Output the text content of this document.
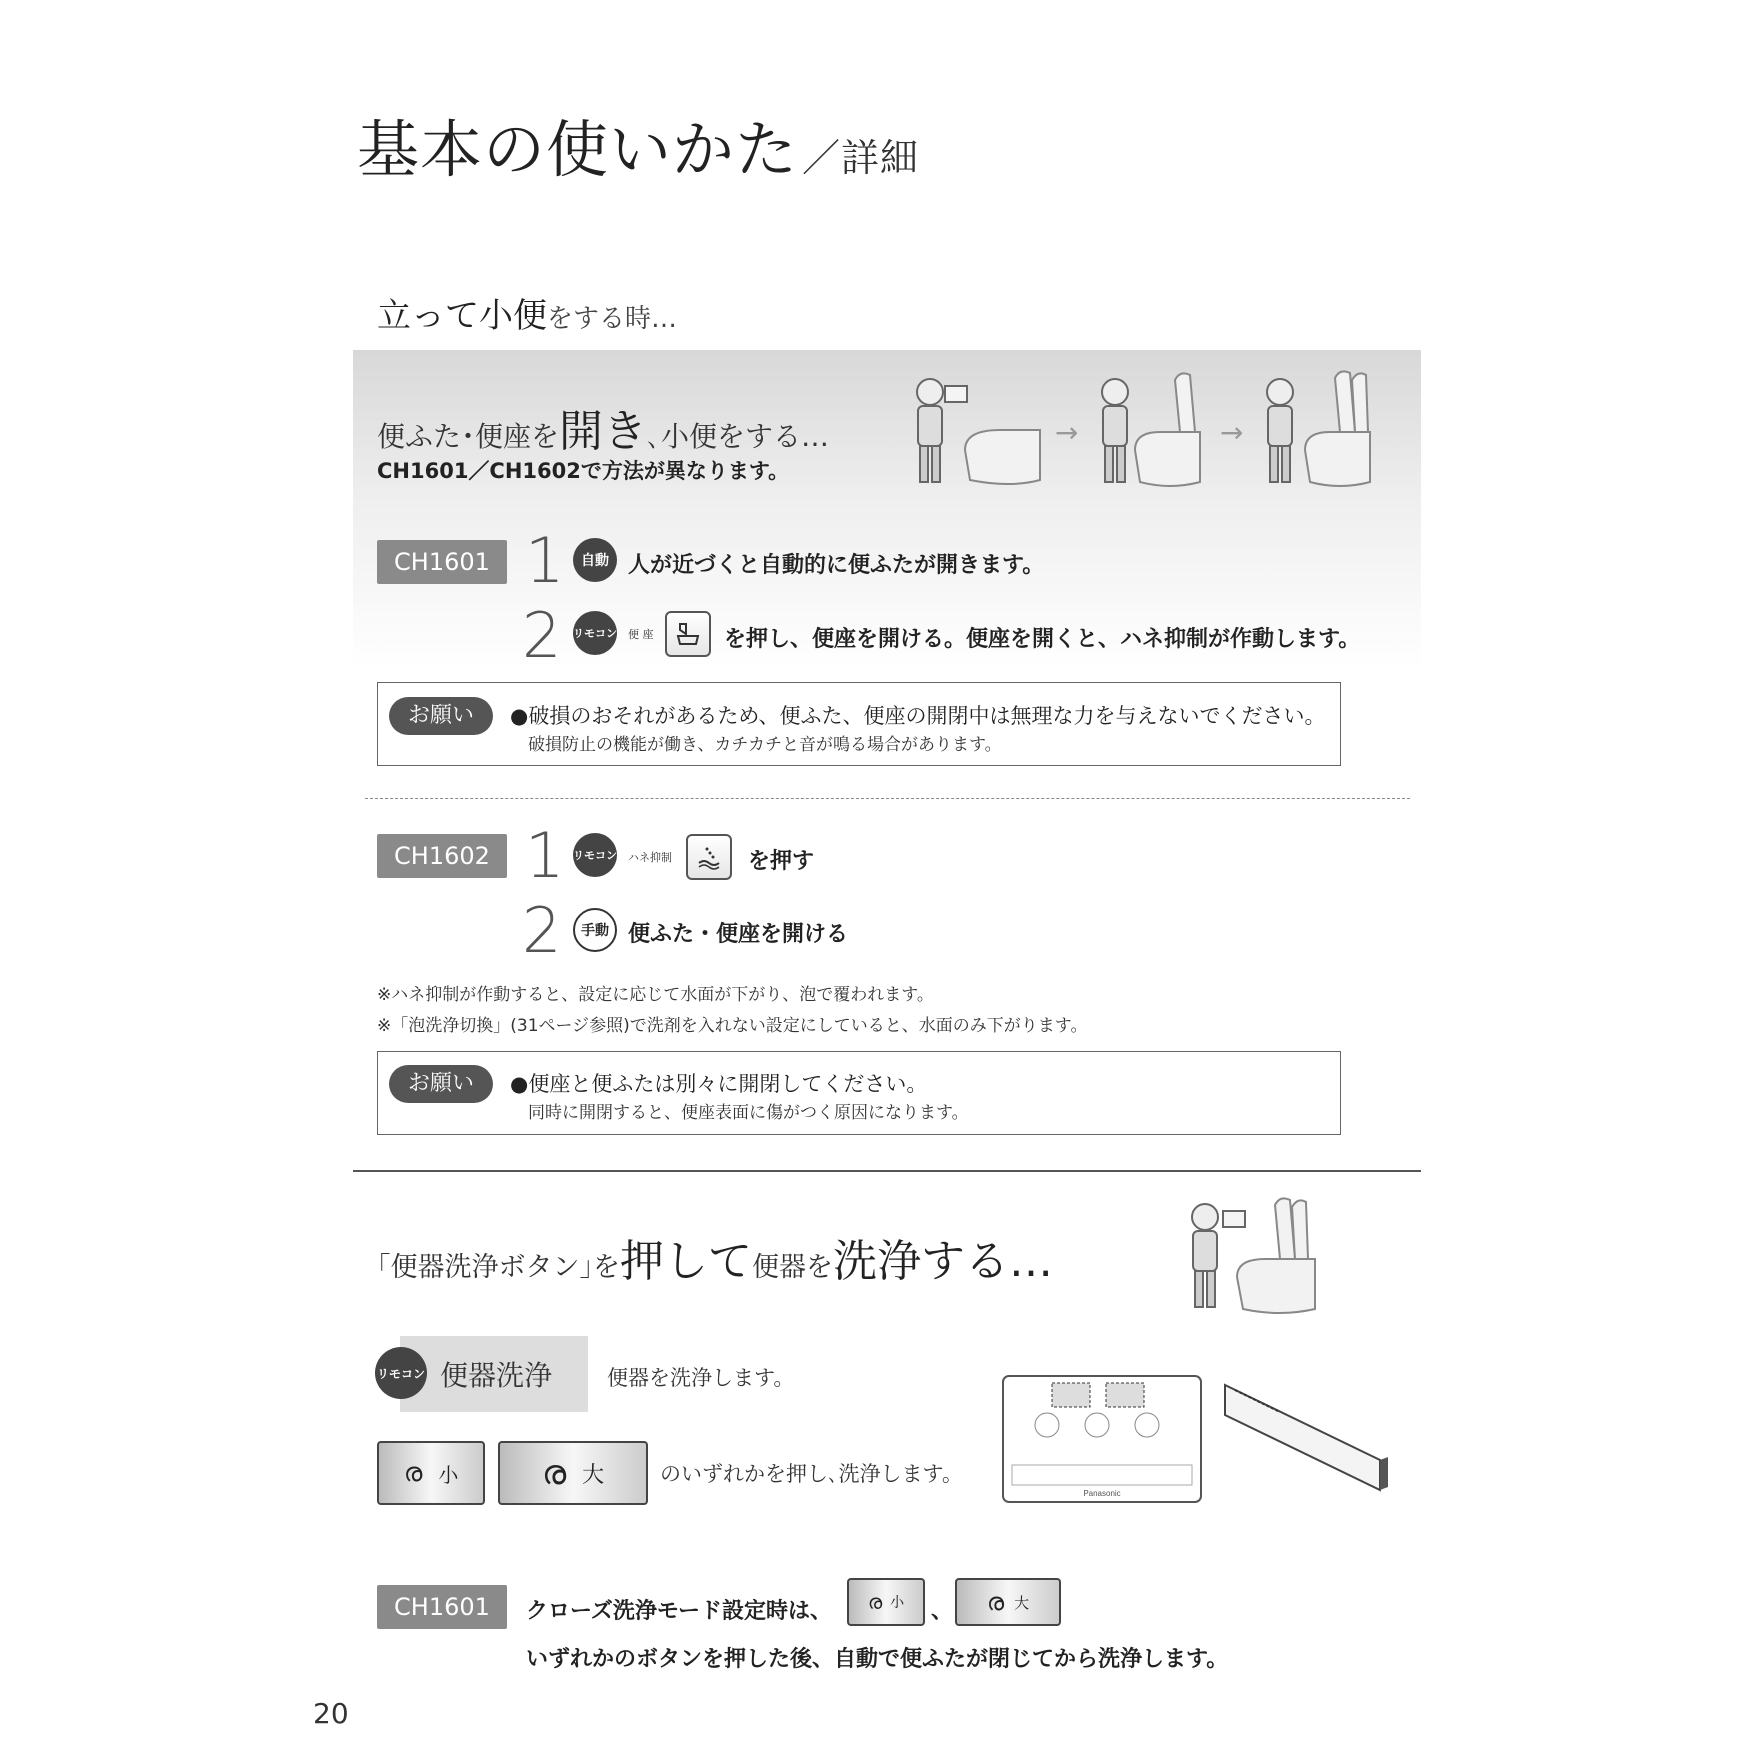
基本の使いかた ／詳細
立って小便をする時…
便ふた･便座を開き､小便をする…
CH1601／CH1602で方法が異なります。
→	→
CH1601 1	自動 人が近づくと自動的に便ふたが開きます。
2 リモコン 便 座	を押し、便座を開ける。便座を開くと、ハネ抑制が作動します。
お願い	●破損のおそれがあるため、便ふた、便座の開閉中は無理な力を与えないでください。
破損防止の機能が働き、カチカチと音が鳴る場合があります。
CH1602 1 リモコン ハネ抑制	を押す
2	手動 便ふた・便座を開ける
※ハネ抑制が作動すると、設定に応じて水面が下がり、泡で覆われます。
※「泡洗浄切換」(31ページ参照)で洗剤を入れない設定にしていると、水面のみ下がります。
お願い	●便座と便ふたは別々に開閉してください。
同時に開閉すると、便座表面に傷がつく原因になります。
｢便器洗浄ボタン｣を押して便器を洗浄する…
リモコン 便器洗浄	便器を洗浄します。
ര 小 ര 大	のいずれかを押し､洗浄します。
Panasonic
CH1601	クローズ洗浄モード設定時は、 ര 小 、 ര 大
いずれかのボタンを押した後、自動で便ふたが閉じてから洗浄します。
20
